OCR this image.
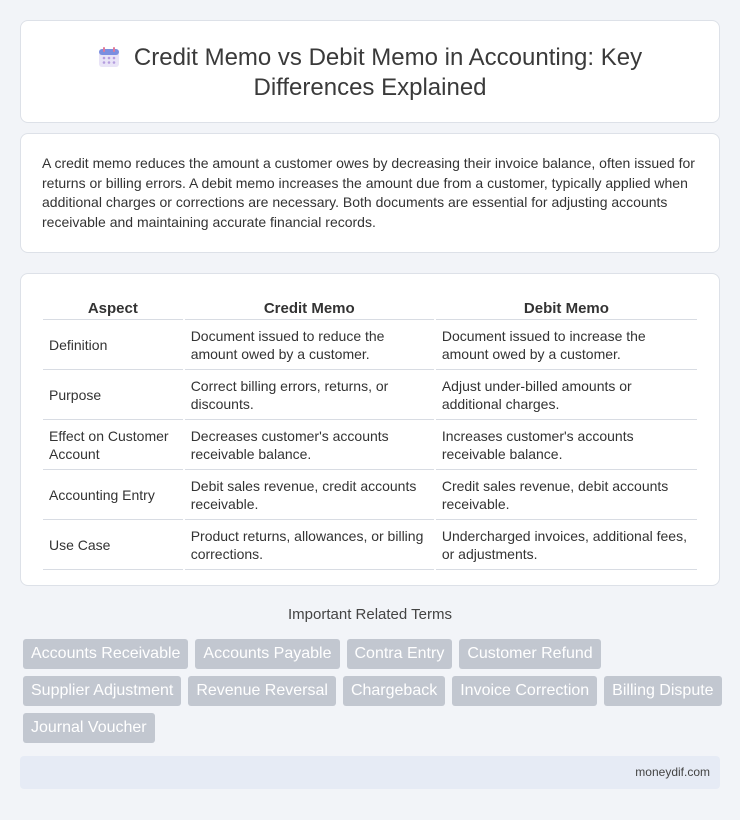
Credit Memo vs Debit Memo in Accounting: Key Differences Explained

A credit memo reduces the amount a customer owes by decreasing their invoice balance, often issued for returns or billing errors. A debit memo increases the amount due from a customer, typically applied when additional charges or corrections are necessary. Both documents are essential for adjusting accounts receivable and maintaining accurate financial records.

Aspect	Credit Memo	Debit Memo
Definition	Document issued to reduce the amount owed by a customer.	Document issued to increase the amount owed by a customer.
Purpose	Correct billing errors, returns, or discounts.	Adjust under-billed amounts or additional charges.
Effect on Customer Account	Decreases customer's accounts receivable balance.	Increases customer's accounts receivable balance.
Accounting Entry	Debit sales revenue, credit accounts receivable.	Credit sales revenue, debit accounts receivable.
Use Case	Product returns, allowances, or billing corrections.	Undercharged invoices, additional fees, or adjustments.
Important Related Terms
Accounts Receivable	Accounts Payable	Contra Entry	Customer Refund
Supplier Adjustment	Revenue Reversal	Chargeback	Invoice Correction	Billing Dispute
Journal Voucher
moneydif.com
